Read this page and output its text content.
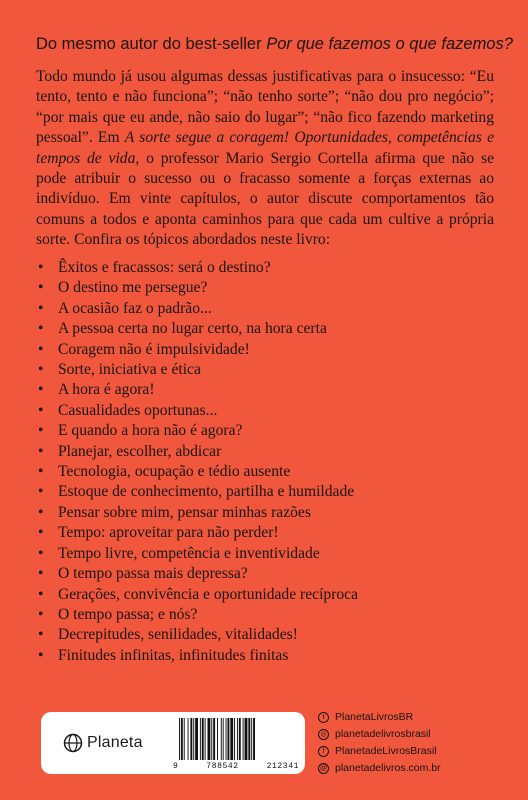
Do mesmo autor do best-seller Por que fazemos o que fazemos?

Todo mundo já usou algumas dessas justificativas para o insucesso: “Eu tento, tento e não funciona”; “não tenho sorte”; “não dou pro negócio”; “por mais que eu ande, não saio do lugar”; “não fico fazendo marketing pessoal”. Em A sorte segue a coragem! Oportunidades, competências e tempos de vida, o professor Mario Sergio Cortella afirma que não se pode atribuir o sucesso ou o fracasso somente a forças externas ao indivíduo. Em vinte capítulos, o autor discute comportamentos tão comuns a todos e aponta caminhos para que cada um cultive a própria sorte. Confira os tópicos abordados neste livro:

• Êxitos e fracassos: será o destino?
• O destino me persegue?
• A ocasião faz o padrão...
• A pessoa certa no lugar certo, na hora certa
• Coragem não é impulsividade!
• Sorte, iniciativa e ética
• A hora é agora!
• Casualidades oportunas...
• E quando a hora não é agora?
• Planejar, escolher, abdicar
• Tecnologia, ocupação e tédio ausente
• Estoque de conhecimento, partilha e humildade
• Pensar sobre mim, pensar minhas razões
• Tempo: aproveitar para não perder!
• Tempo livre, competência e inventividade
• O tempo passa mais depressa?
• Gerações, convivência e oportunidade recíproca
• O tempo passa; e nós?
• Decrepitudes, senilidades, vitalidades!
• Finitudes infinitas, infinitudes finitas
Planeta
9	788542	212341
t	PlanetaLivrosBR
◎ planetadelivrosbrasil
f	PlanetadeLivrosBrasil
@ planetadelivros.com.br
